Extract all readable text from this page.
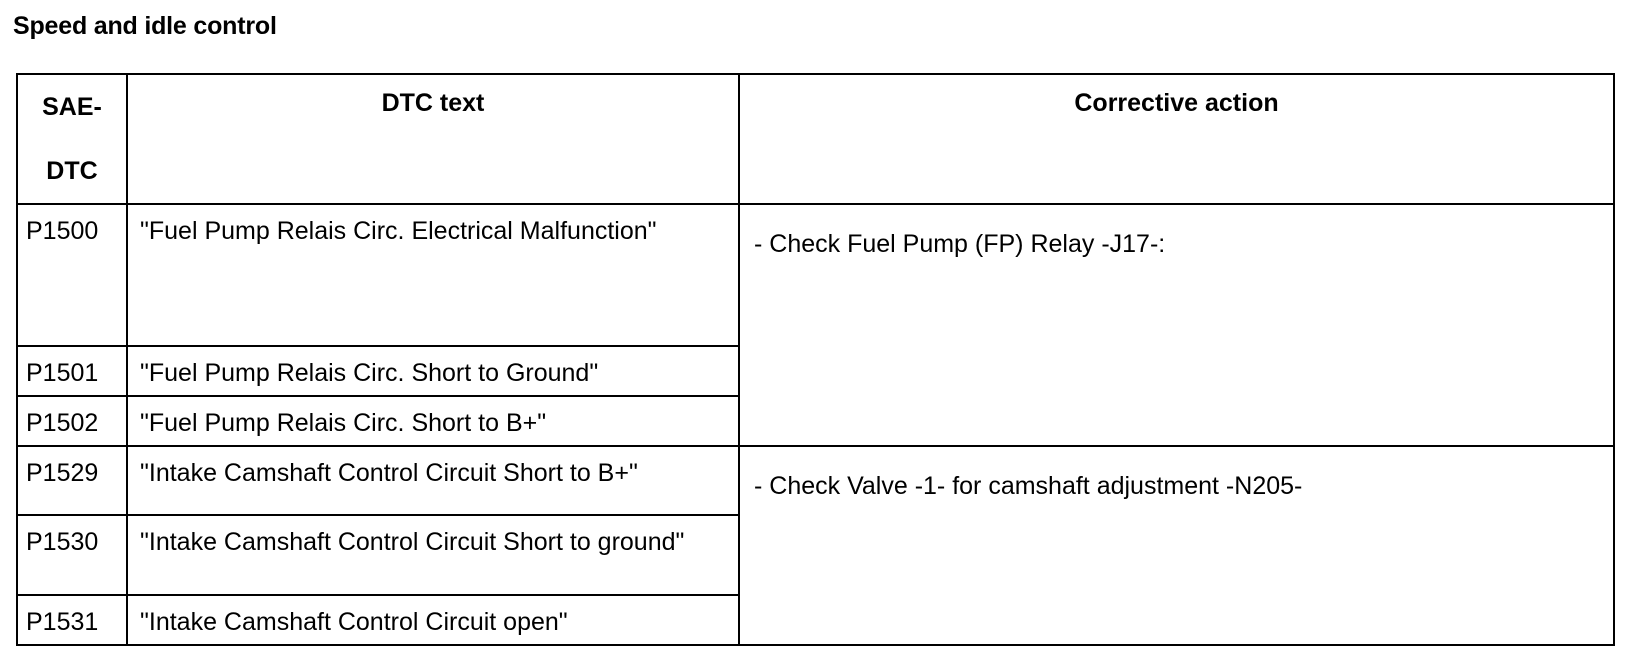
Speed and idle control
SAE-
DTC	DTC text	Corrective action
P1500	"Fuel Pump Relais Circ. Electrical Malfunction"	- Check Fuel Pump (FP) Relay -J17-:
P1501	"Fuel Pump Relais Circ. Short to Ground"	
P1502	"Fuel Pump Relais Circ. Short to B+"	
P1529	"Intake Camshaft Control Circuit Short to B+"	- Check Valve -1- for camshaft adjustment -N205-
P1530	"Intake Camshaft Control Circuit Short to ground"	
P1531	"Intake Camshaft Control Circuit open"	
